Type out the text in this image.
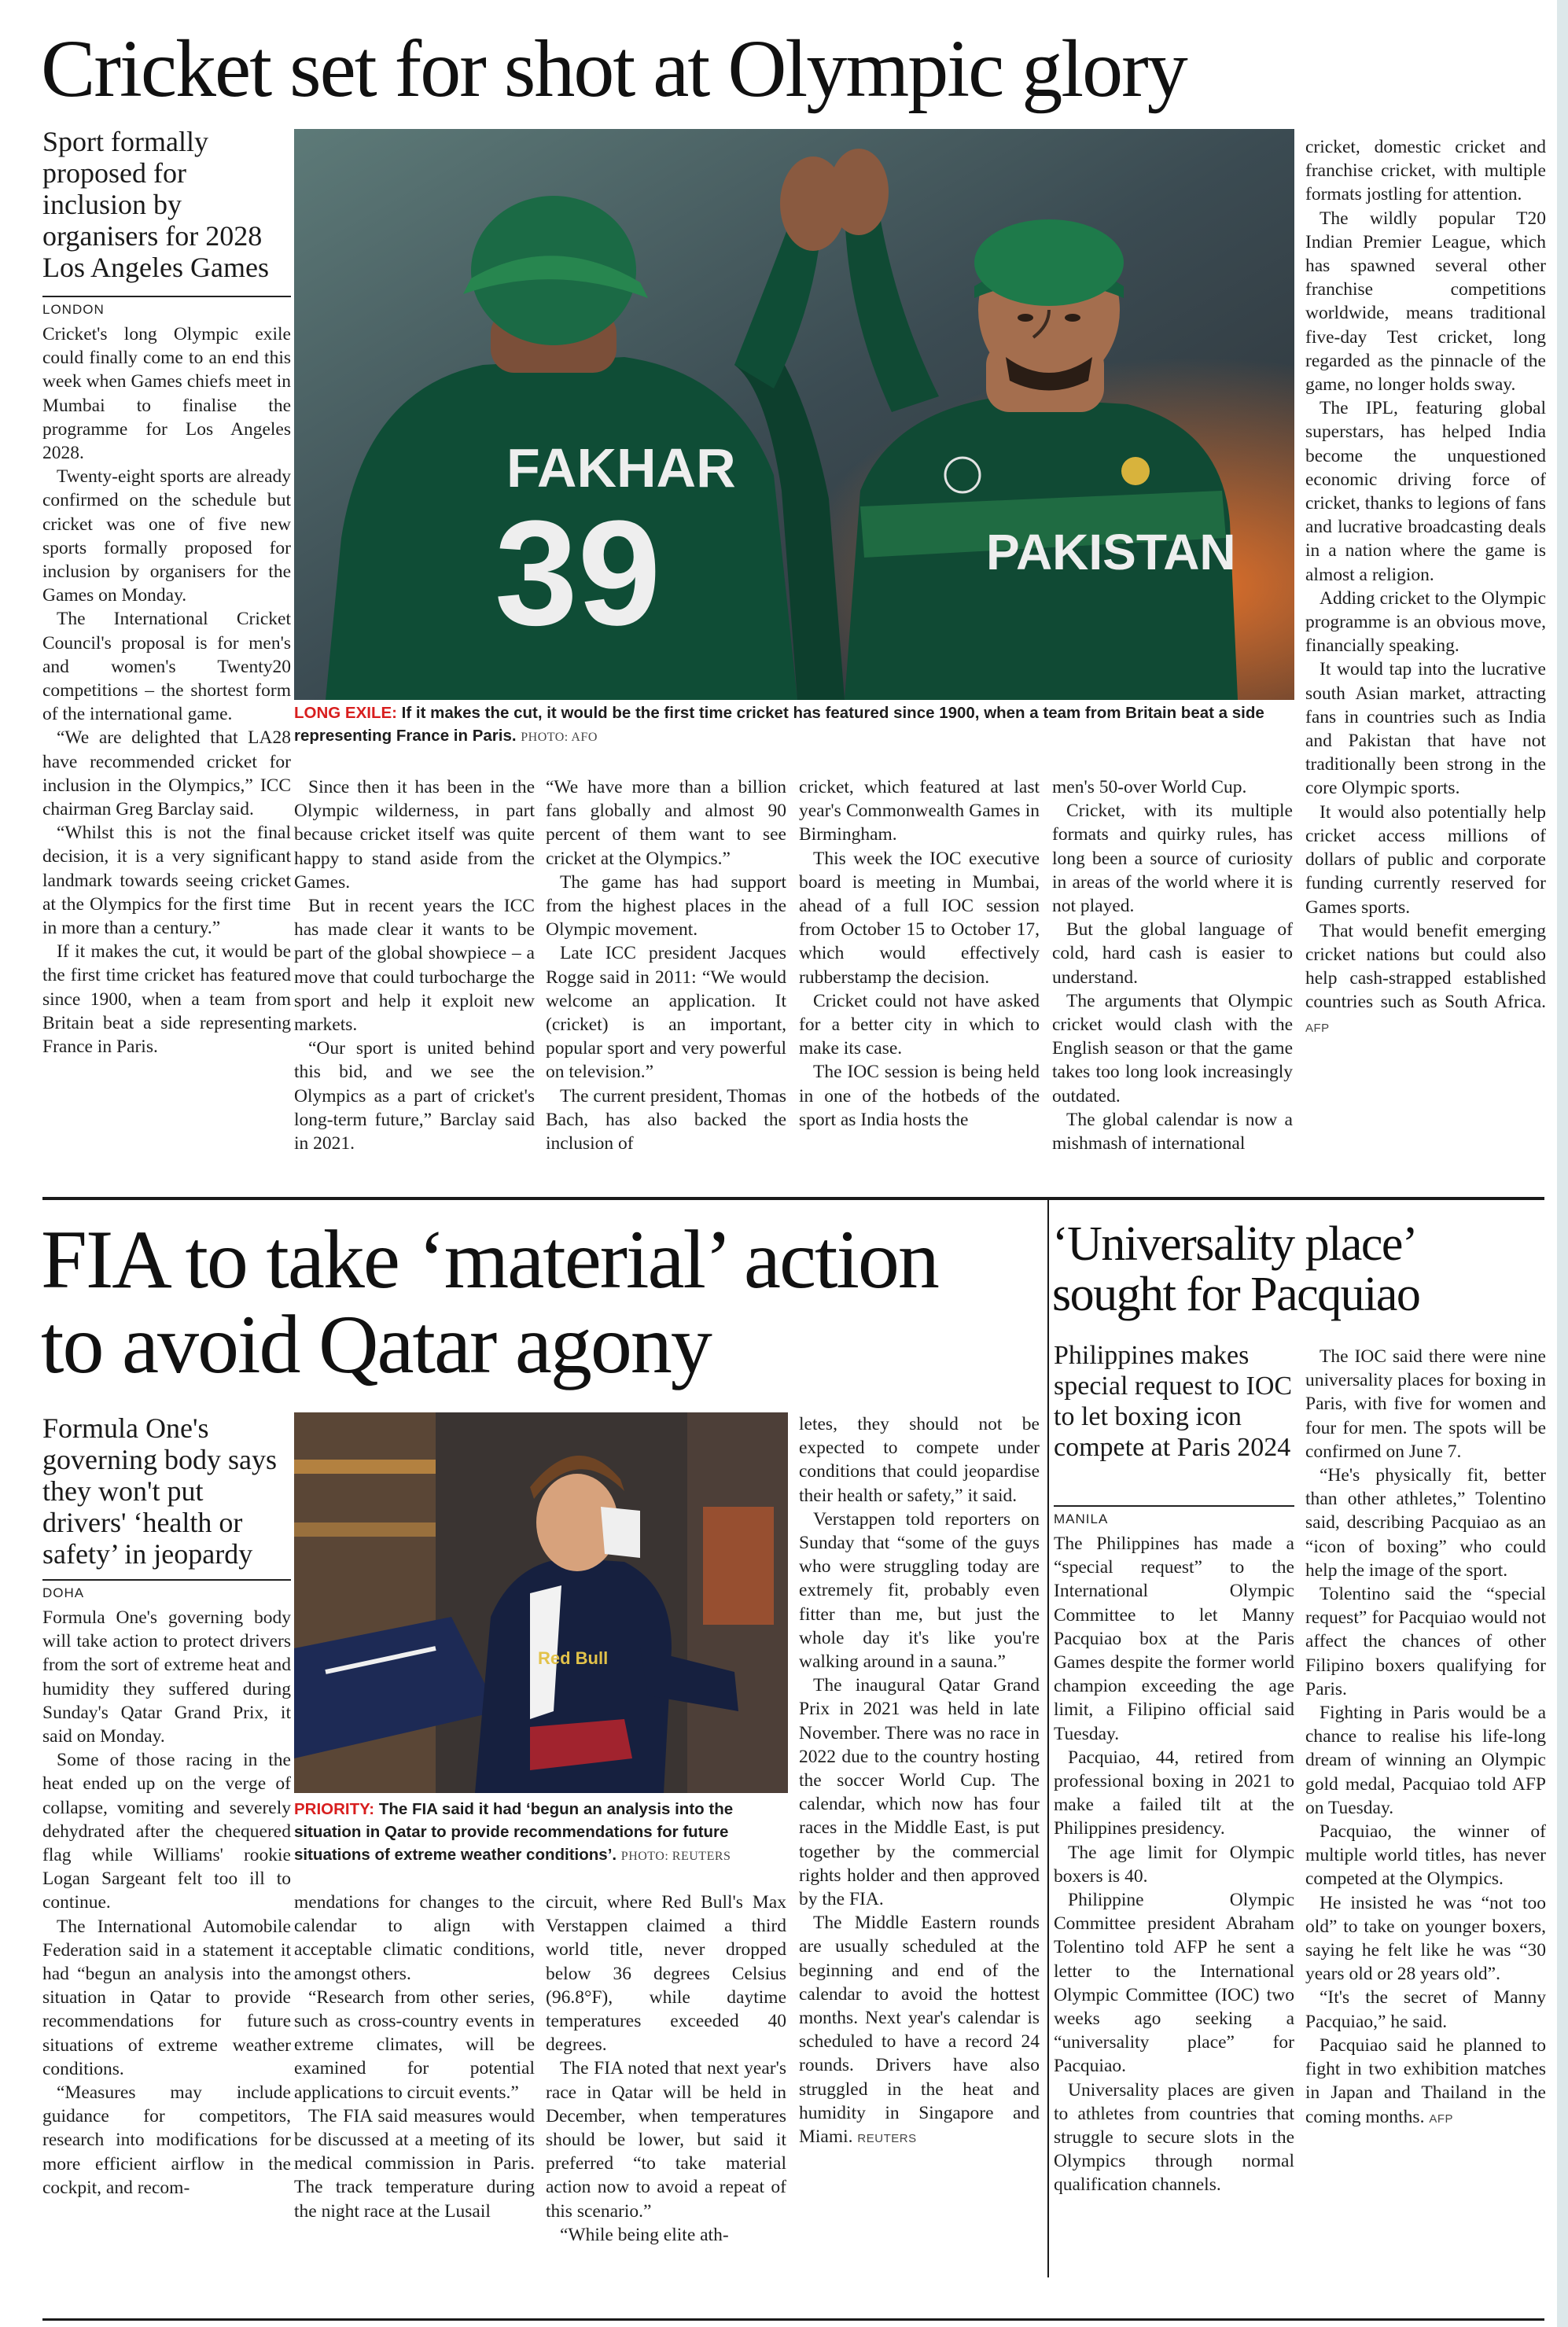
Cricket set for shot at Olympic glory
Sport formally proposed for inclusion by organisers for 2028 Los Angeles Games
LONDON
FAKHAR
39	PAKISTAN
LONG EXILE: If it makes the cut, it would be the first time cricket has featured since 1900, when a team from Britain beat a side representing France in Paris. PHOTO: AFO

Cricket's long Olympic exile could finally come to an end this week when Games chiefs meet in Mumbai to finalise the programme for Los Angeles 2028.

Twenty-eight sports are already confirmed on the schedule but cricket was one of five new sports formally proposed for inclusion by organisers for the Games on Monday.

The International Cricket Council's proposal is for men's and women's Twenty20 competitions – the shortest form of the international game.

“We are delighted that LA28 have recommended cricket for inclusion in the Olympics,” ICC chairman Greg Barclay said.

“Whilst this is not the final decision, it is a very significant landmark towards seeing cricket at the Olympics for the first time in more than a century.”

If it makes the cut, it would be the first time cricket has featured since 1900, when a team from Britain beat a side representing France in Paris.

Since then it has been in the Olympic wilderness, in part because cricket itself was quite happy to stand aside from the Games.

But in recent years the ICC has made clear it wants to be part of the global showpiece – a move that could turbocharge the sport and help it exploit new markets.

“Our sport is united behind this bid, and we see the Olympics as a part of cricket's long-term future,” Barclay said in 2021.

“We have more than a billion fans globally and almost 90 percent of them want to see cricket at the Olympics.”

The game has had support from the highest places in the Olympic movement.

Late ICC president Jacques Rogge said in 2011: “We would welcome an application. It (cricket) is an important, popular sport and very powerful on television.”

The current president, Thomas Bach, has also backed the inclusion of

cricket, which featured at last year's Commonwealth Games in Birmingham.

This week the IOC executive board is meeting in Mumbai, ahead of a full IOC session from October 15 to October 17, which would effectively rubberstamp the decision.

Cricket could not have asked for a better city in which to make its case.

The IOC session is being held in one of the hotbeds of the sport as India hosts the

men's 50-over World Cup.

Cricket, with its multiple formats and quirky rules, has long been a source of curiosity in areas of the world where it is not played.

But the global language of cold, hard cash is easier to understand.

The arguments that Olympic cricket would clash with the English season or that the game takes too long look increasingly outdated.

The global calendar is now a mishmash of international

cricket, domestic cricket and franchise cricket, with multiple formats jostling for attention.

The wildly popular T20 Indian Premier League, which has spawned several other franchise competitions worldwide, means traditional five-day Test cricket, long regarded as the pinnacle of the game, no longer holds sway.

The IPL, featuring global superstars, has helped India become the unquestioned economic driving force of cricket, thanks to legions of fans and lucrative broadcasting deals in a nation where the game is almost a religion.

Adding cricket to the Olympic programme is an obvious move, financially speaking.

It would tap into the lucrative south Asian market, attracting fans in countries such as India and Pakistan that have not traditionally been strong in the core Olympic sports.

It would also potentially help cricket access millions of dollars of public and corporate funding currently reserved for Games sports.

That would benefit emerging cricket nations but could also help cash-strapped established countries such as South Africa. AFP

FIA to take ‘material’ action
to avoid Qatar agony
Formula One's governing body says they won't put drivers' ‘health or safety’ in jeopardy
DOHA
Red Bull
PRIORITY: The FIA said it had ‘begun an analysis into the situation in Qatar to provide recommendations for future situations of extreme weather conditions’. PHOTO: REUTERS

Formula One's governing body will take action to protect drivers from the sort of extreme heat and humidity they suffered during Sunday's Qatar Grand Prix, it said on Monday.

Some of those racing in the heat ended up on the verge of collapse, vomiting and severely dehydrated after the chequered flag while Williams' rookie Logan Sargeant felt too ill to continue.

The International Automobile Federation said in a statement it had “begun an analysis into the situation in Qatar to provide recommendations for future situations of extreme weather conditions.

“Measures may include guidance for competitors, research into modifications for more efficient airflow in the cockpit, and recom-

mendations for changes to the calendar to align with acceptable climatic conditions, amongst others.

“Research from other series, such as cross-country events in extreme climates, will be examined for potential applications to circuit events.”

The FIA said measures would be discussed at a meeting of its medical commission in Paris. The track temperature during the night race at the Lusail

circuit, where Red Bull's Max Verstappen claimed a third world title, never dropped below 36 degrees Celsius (96.8°F), while daytime temperatures exceeded 40 degrees.

The FIA noted that next year's race in Qatar will be held in December, when temperatures should be lower, but said it preferred “to take material action now to avoid a repeat of this scenario.”

“While being elite ath-

letes, they should not be expected to compete under conditions that could jeopardise their health or safety,” it said.

Verstappen told reporters on Sunday that “some of the guys who were struggling today are extremely fit, probably even fitter than me, but just the whole day it's like you're walking around in a sauna.”

The inaugural Qatar Grand Prix in 2021 was held in late November. There was no race in 2022 due to the country hosting the soccer World Cup. The calendar, which now has four races in the Middle East, is put together by the commercial rights holder and then approved by the FIA.

The Middle Eastern rounds are usually scheduled at the beginning and end of the calendar to avoid the hottest months. Next year's calendar is scheduled to have a record 24 rounds. Drivers have also struggled in the heat and humidity in Singapore and Miami. REUTERS

‘Universality place’
sought for Pacquiao
Philippines makes special request to IOC to let boxing icon compete at Paris 2024
MANILA

The Philippines has made a “special request” to the International Olympic Committee to let Manny Pacquiao box at the Paris Games despite the former world champion exceeding the age limit, a Filipino official said Tuesday.

Pacquiao, 44, retired from professional boxing in 2021 to make a failed tilt at the Philippines presidency.

The age limit for Olympic boxers is 40.

Philippine Olympic Committee president Abraham Tolentino told AFP he sent a letter to the International Olympic Committee (IOC) two weeks ago seeking a “universality place” for Pacquiao.

Universality places are given to athletes from countries that struggle to secure slots in the Olympics through normal qualification channels.

The IOC said there were nine universality places for boxing in Paris, with five for women and four for men. The spots will be confirmed on June 7.

“He's physically fit, better than other athletes,” Tolentino said, describing Pacquiao as an “icon of boxing” who could help the image of the sport.

Tolentino said the “special request” for Pacquiao would not affect the chances of other Filipino boxers qualifying for Paris.

Fighting in Paris would be a chance to realise his life-long dream of winning an Olympic gold medal, Pacquiao told AFP on Tuesday.

Pacquiao, the winner of multiple world titles, has never competed at the Olympics.

He insisted he was “not too old” to take on younger boxers, saying he felt like he was “30 years old or 28 years old”.

“It's the secret of Manny Pacquiao,” he said.

Pacquiao said he planned to fight in two exhibition matches in Japan and Thailand in the coming months. AFP
